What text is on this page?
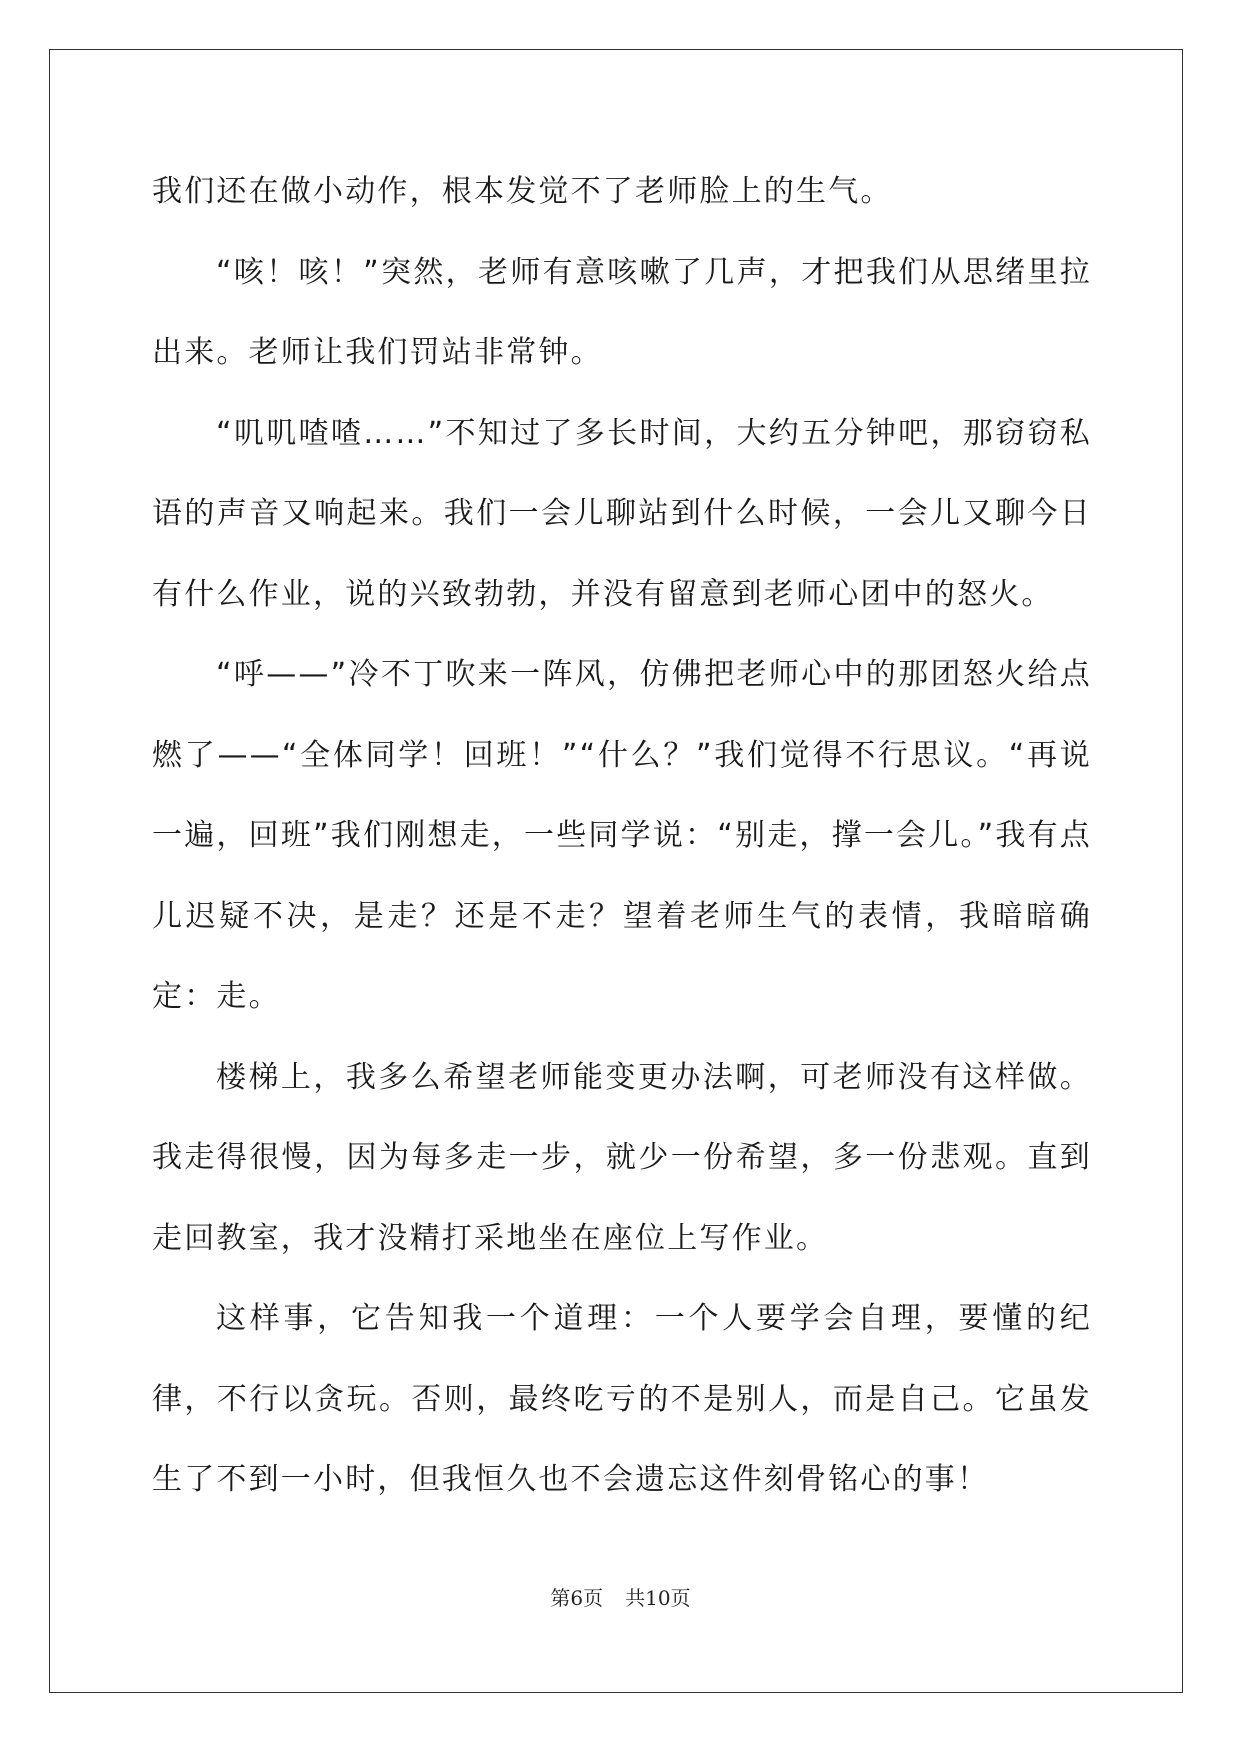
我们还在做小动作，根本发觉不了老师脸上的生气。

“咳！咳！”突然，老师有意咳嗽了几声，才把我们从思绪里拉出来。老师让我们罚站非常钟。

“叽叽喳喳……”不知过了多长时间，大约五分钟吧，那窃窃私语的声音又响起来。我们一会儿聊站到什么时候，一会儿又聊今日有什么作业，说的兴致勃勃，并没有留意到老师心团中的怒火。

“呼——”冷不丁吹来一阵风，仿佛把老师心中的那团怒火给点燃了——“全体同学！回班！”“什么？”我们觉得不行思议。“再说一遍，回班”我们刚想走，一些同学说：“别走，撑一会儿。”我有点儿迟疑不决，是走？还是不走？望着老师生气的表情，我暗暗确定：走。

楼梯上，我多么希望老师能变更办法啊，可老师没有这样做。我走得很慢，因为每多走一步，就少一份希望，多一份悲观。直到走回教室，我才没精打采地坐在座位上写作业。

这样事，它告知我一个道理：一个人要学会自理，要懂的纪律，不行以贪玩。否则，最终吃亏的不是别人，而是自己。它虽发生了不到一小时，但我恒久也不会遗忘这件刻骨铭心的事！

第6页 共10页
